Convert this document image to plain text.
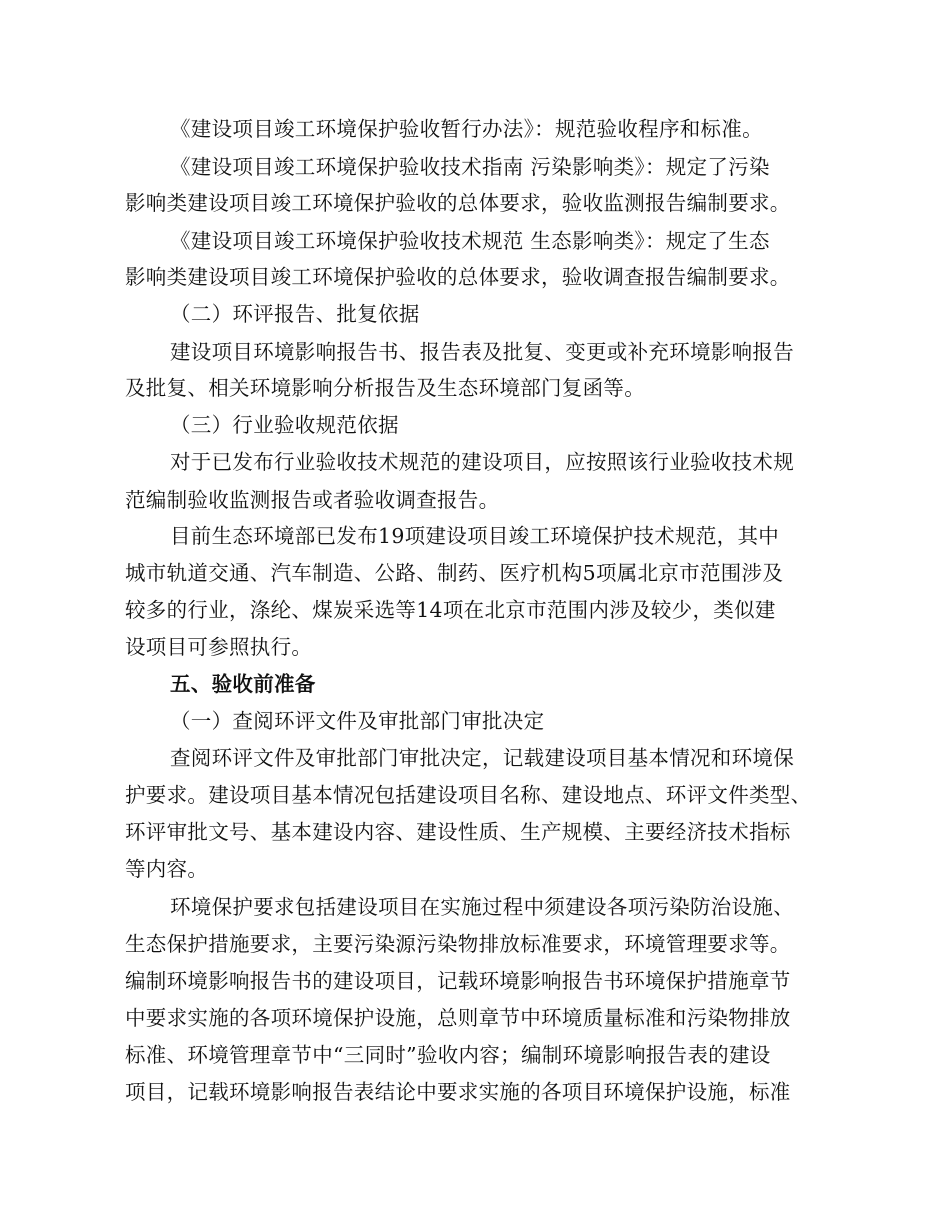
《建设项目竣工环境保护验收暂行办法》：规范验收程序和标准。
《建设项目竣工环境保护验收技术指南 污染影响类》：规定了污染
影响类建设项目竣工环境保护验收的总体要求，验收监测报告编制要求。
《建设项目竣工环境保护验收技术规范 生态影响类》：规定了生态
影响类建设项目竣工环境保护验收的总体要求，验收调查报告编制要求。
（二）环评报告、批复依据
建设项目环境影响报告书、报告表及批复、变更或补充环境影响报告
及批复、相关环境影响分析报告及生态环境部门复函等。
（三）行业验收规范依据
对于已发布行业验收技术规范的建设项目，应按照该行业验收技术规
范编制验收监测报告或者验收调查报告。
目前生态环境部已发布19项建设项目竣工环境保护技术规范，其中
城市轨道交通、汽车制造、公路、制药、医疗机构5项属北京市范围涉及
较多的行业，涤纶、煤炭采选等14项在北京市范围内涉及较少，类似建
设项目可参照执行。
五、验收前准备
（一）查阅环评文件及审批部门审批决定
查阅环评文件及审批部门审批决定，记载建设项目基本情况和环境保
护要求。建设项目基本情况包括建设项目名称、建设地点、环评文件类型、
环评审批文号、基本建设内容、建设性质、生产规模、主要经济技术指标
等内容。
环境保护要求包括建设项目在实施过程中须建设各项污染防治设施、
生态保护措施要求，主要污染源污染物排放标准要求，环境管理要求等。
编制环境影响报告书的建设项目，记载环境影响报告书环境保护措施章节
中要求实施的各项环境保护设施，总则章节中环境质量标准和污染物排放
标准、环境管理章节中“三同时”验收内容；编制环境影响报告表的建设
项目，记载环境影响报告表结论中要求实施的各项目环境保护设施，标准
